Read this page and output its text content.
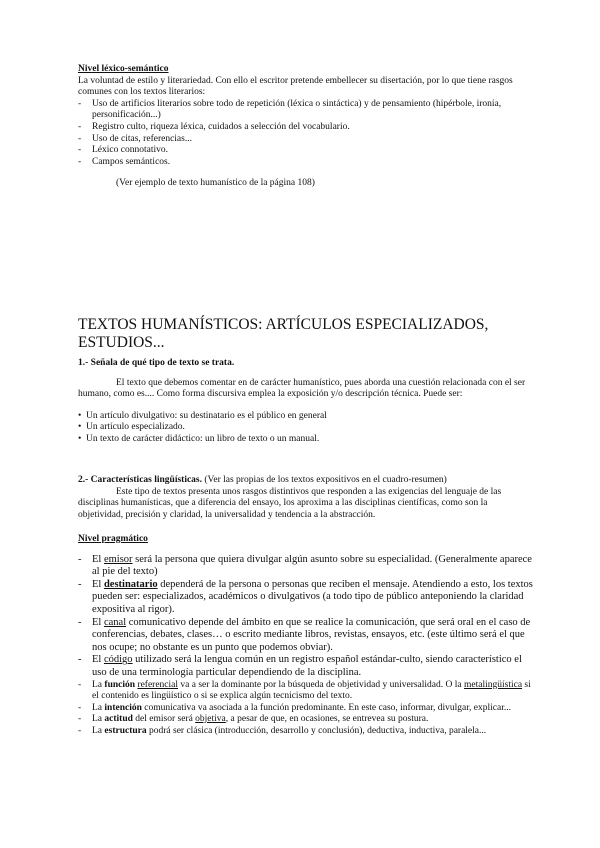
Nivel léxico-semántico
La voluntad de estilo y literariedad. Con ello el escritor pretende embellecer su disertación, por lo que tiene rasgos comunes con los textos literarios:
- Uso de artificios literarios sobre todo de repetición (léxica o sintáctica) y de pensamiento (hipérbole, ironía, personificación...)
- Registro culto, riqueza léxica, cuidados a selección del vocabulario.
- Uso de citas, referencias...
- Léxico connotativo.
- Campos semánticos.
(Ver ejemplo de texto humanístico de la página 108)
TEXTOS HUMANÍSTICOS: ARTÍCULOS ESPECIALIZADOS, ESTUDIOS...
1.- Señala de qué tipo de texto se trata.
El texto que debemos comentar en de carácter humanístico, pues aborda una cuestión relacionada con el ser humano, como es.... Como forma discursiva emplea la exposición y/o descripción técnica. Puede ser:
• Un artículo divulgativo: su destinatario es el público en general
• Un artículo especializado.
• Un texto de carácter didáctico: un libro de texto o un manual.
2.- Características lingüísticas. (Ver las propias de los textos expositivos en el cuadro-resumen)
Este tipo de textos presenta unos rasgos distintivos que responden a las exigencias del lenguaje de las disciplinas humanísticas, que a diferencia del ensayo, los aproxima a las disciplinas científicas, como son la objetividad, precisión y claridad, la universalidad y tendencia a la abstracción.
Nivel pragmático
- El emisor será la persona que quiera divulgar algún asunto sobre su especialidad. (Generalmente aparece al pie del texto)
- El destinatario dependerá de la persona o personas que reciben el mensaje. Atendiendo a esto, los textos pueden ser: especializados, académicos o divulgativos (a todo tipo de público anteponiendo la claridad expositiva al rigor).
- El canal comunicativo depende del ámbito en que se realice la comunicación, que será oral en el caso de conferencias, debates, clases… o escrito mediante libros, revistas, ensayos, etc. (este último será el que nos ocupe; no obstante es un punto que podemos obviar).
- El código utilizado será la lengua común en un registro español estándar-culto, siendo característico el uso de una terminología particular dependiendo de la disciplina.
- La función referencial va a ser la dominante por la búsqueda de objetividad y universalidad. O la metalingüística si el contenido es lingüístico o si se explica algún tecnicismo del texto.
- La intención comunicativa va asociada a la función predominante. En este caso, informar, divulgar, explicar...
- La actitud del emisor será objetiva, a pesar de que, en ocasiones, se entrevea su postura.
- La estructura podrá ser clásica (introducción, desarrollo y conclusión), deductiva, inductiva, paralela...
